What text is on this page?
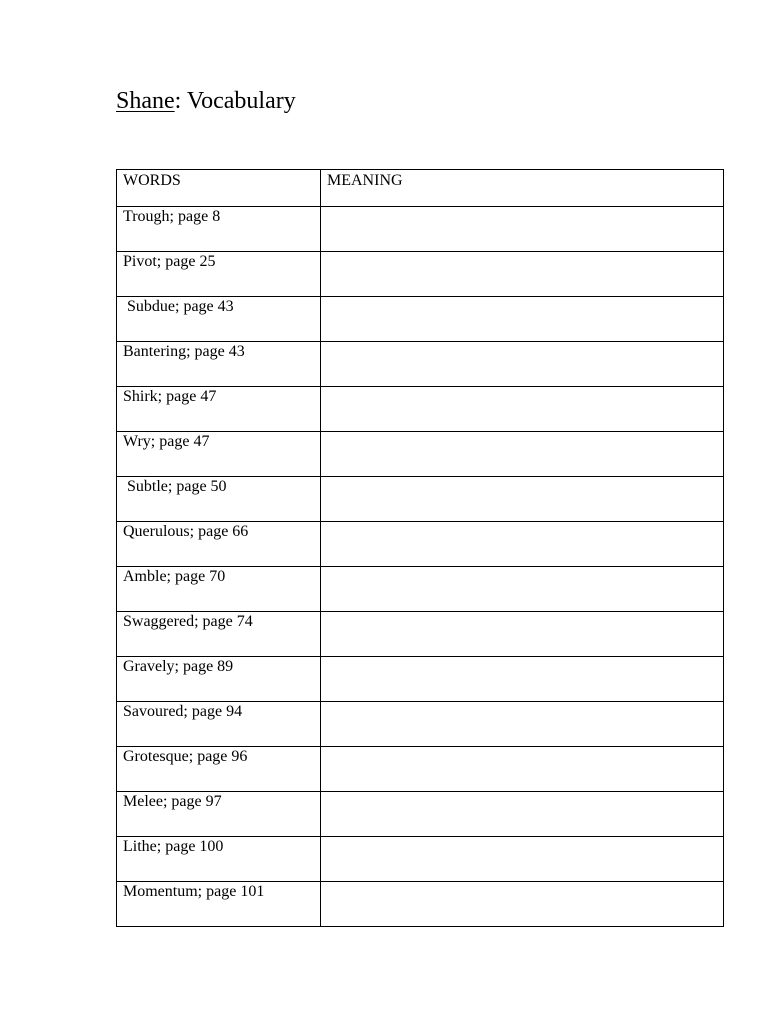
Shane: Vocabulary
WORDS	MEANING
Trough; page 8	
Pivot; page 25	
Subdue; page 43	
Bantering; page 43	
Shirk; page 47	
Wry; page 47	
Subtle; page 50	
Querulous; page 66	
Amble; page 70	
Swaggered; page 74	
Gravely; page 89	
Savoured; page 94	
Grotesque; page 96	
Melee; page 97	
Lithe; page 100	
Momentum; page 101	
